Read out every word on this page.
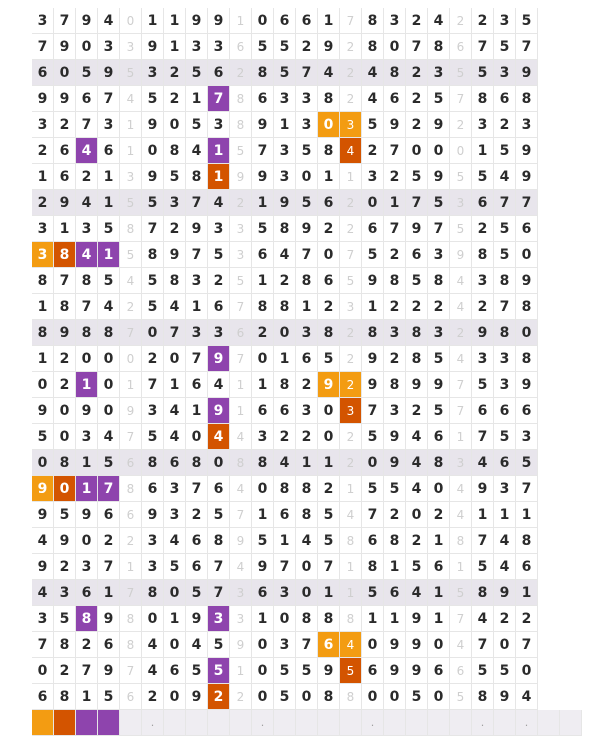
3 7 9 4	0 1 1 9 9	1 0 6 6 1	7 8 3 2 4	2 2 3 5
7 9 0 3	3 9 1 3 3	6 5 5 2 9	2 8 0 7 8	6 7 5 7
6 0 5 9	5 3 2 5 6	2 8 5 7 4	2 4 8 2 3	5 5 3 9
9 9 6 7	4 5 2 1 7	8 6 3 3 8	2 4 6 2 5	7 8 6 8
3 2 7 3	1 9 0 5 3	8 9 1 3 0	3 5 9 2 9	2 3 2 3
2 6 4 6	1 0 8 4 1	5 7 3 5 8	4 2 7 0 0	0 1 5 9
1 6 2 1	3 9 5 8 1	9 9 3 0 1	1 3 2 5 9	5 5 4 9
2 9 4 1	5 5 3 7 4	2 1 9 5 6	2 0 1 7 5	3 6 7 7
3 1 3 5	8 7 2 9 3	3 5 8 9 2	2 6 7 9 7	5 2 5 6
3 8 4 1	5 8 9 7 5	3 6 4 7 0	7 5 2 6 3	9 8 5 0
8 7 8 5	4 5 8 3 2	5 1 2 8 6	5 9 8 5 8	4 3 8 9
1 8 7 4	2 5 4 1 6	7 8 8 1 2	3 1 2 2 2	4 2 7 8
8 9 8 8	7 0 7 3 3	6 2 0 3 8	2 8 3 8 3	2 9 8 0
1 2 0 0	0 2 0 7 9	7 0 1 6 5	2 9 2 8 5	4 3 3 8
0 2 1 0	1 7 1 6 4	1 1 8 2 9	2 9 8 9 9	7 5 3 9
9 0 9 0	9 3 4 1 9	1 6 6 3 0	3 7 3 2 5	7 6 6 6
5 0 3 4	7 5 4 0 4	4 3 2 2 0	2 5 9 4 6	1 7 5 3
0 8 1 5	6 8 6 8 0	8 8 4 1 1	2 0 9 4 8	3 4 6 5
9 0 1 7	8 6 3 7 6	4 0 8 8 2	1 5 5 4 0	4 9 3 7
9 5 9 6	6 9 3 2 5	7 1 6 8 5	4 7 2 0 2	4 1 1 1
4 9 0 2	2 3 4 6 8	9 5 1 4 5	8 6 8 2 1	8 7 4 8
9 2 3 7	1 3 5 6 7	4 9 7 0 7	1 8 1 5 6	1 5 4 6
4 3 6 1	7 8 0 5 7	3 6 3 0 1	1 5 6 4 1	5 8 9 1
3 5 8 9	8 0 1 9 3	3 1 0 8 8	8 1 1 9 1	7 4 2 2
7 8 2 6	8 4 0 4 5	9 0 3 7 6	4 0 9 9 0	4 7 0 7
0 2 7 9	7 4 6 5 5	1 0 5 5 9	5 6 9 9 6	6 5 5 0
6 8 1 5	6 2 0 9 2	2 0 5 0 8	8 0 0 5 0	5 8 9 4
.	.	.	.	.
